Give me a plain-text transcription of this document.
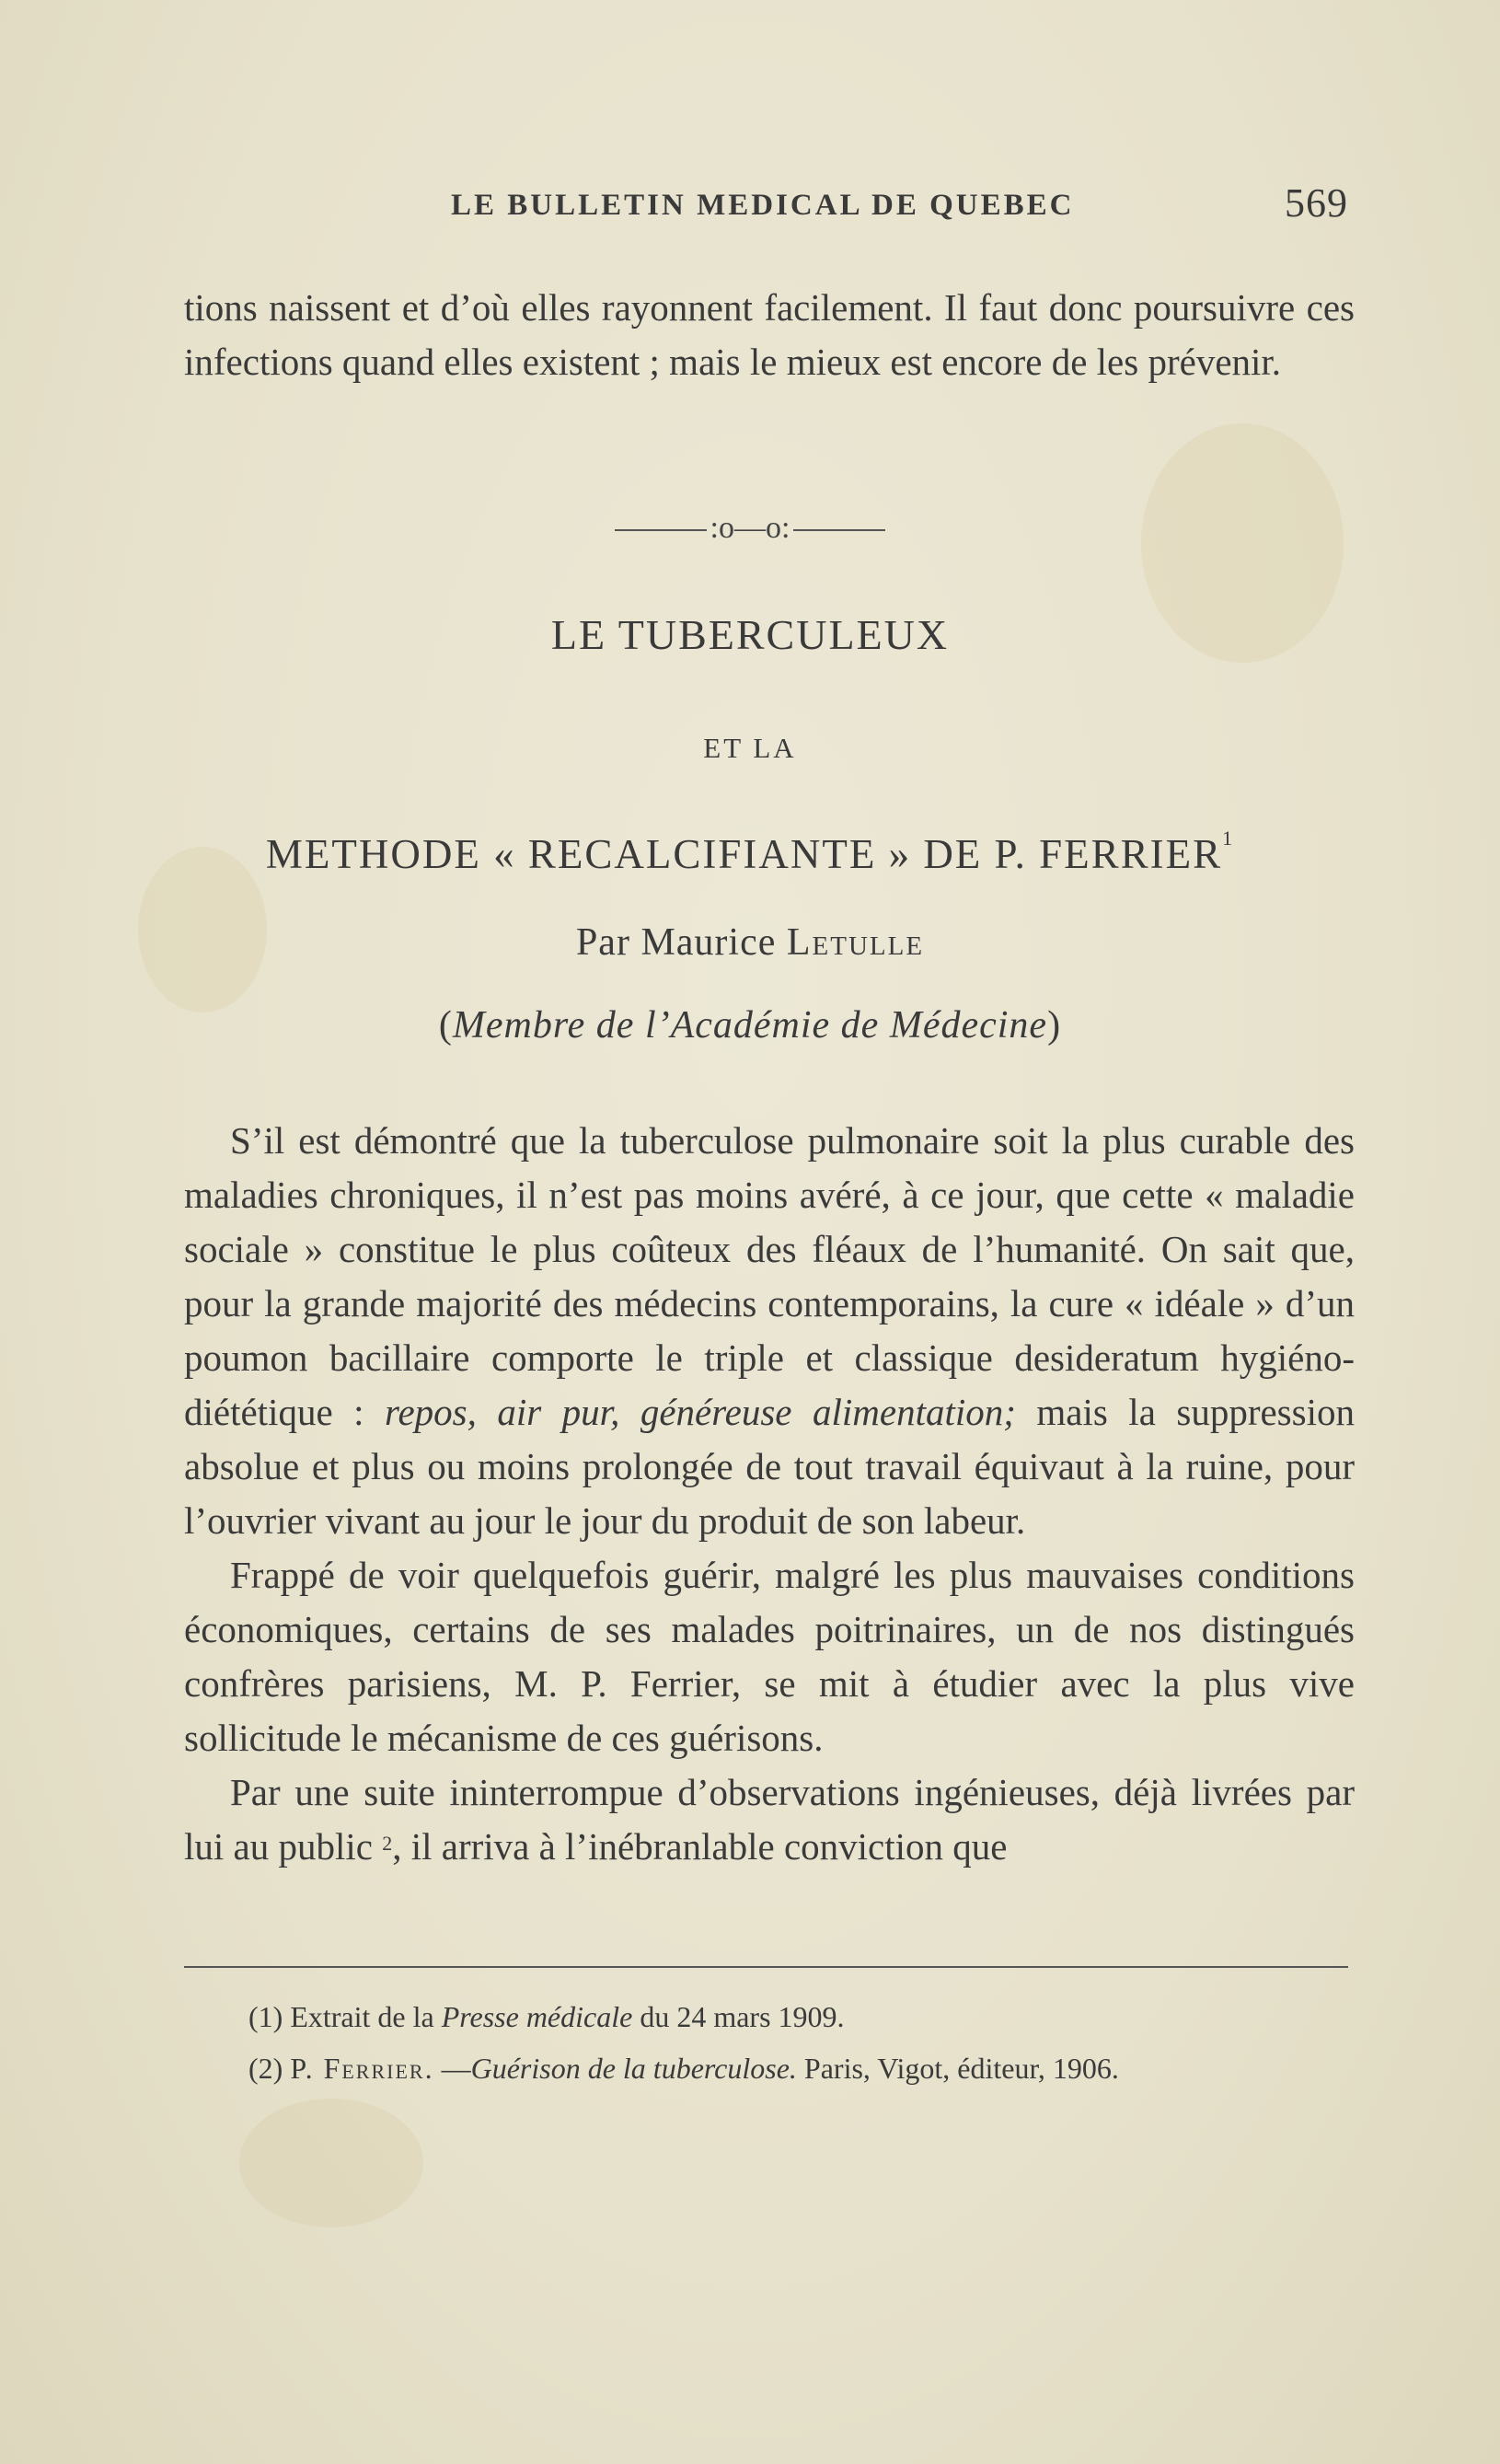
LE BULLETIN MEDICAL DE QUEBEC	569

tions naissent et d’où elles rayonnent facilement. Il faut donc poursuivre ces infections quand elles existent ; mais le mieux est encore de les prévenir.

:o—o:
LE TUBERCULEUX
ET LA
METHODE « RECALCIFIANTE » DE P. FERRIER$^1$
Par Maurice Letulle
(Membre de l’Académie de Médecine)

S’il est démontré que la tuberculose pulmonaire soit la plus curable des maladies chroniques, il n’est pas moins avéré, à ce jour, que cette « maladie sociale » constitue le plus coûteux des fléaux de l’humanité. On sait que, pour la grande majorité des médecins contemporains, la cure « idéale » d’un poumon bacillaire comporte le triple et classique desideratum hygiéno-diététique : repos, air pur, généreuse alimentation; mais la suppression absolue et plus ou moins prolongée de tout travail équivaut à la ruine, pour l’ouvrier vivant au jour le jour du produit de son labeur.

Frappé de voir quelquefois guérir, malgré les plus mauvaises conditions économiques, certains de ses malades poitrinaires, un de nos distingués confrères parisiens, M. P. Ferrier, se mit à étudier avec la plus vive sollicitude le mécanisme de ces guérisons.

Par une suite ininterrompue d’observations ingénieuses, déjà livrées par lui au public $^2$, il arriva à l’inébranlable conviction que

(1) Extrait de la Presse médicale du 24 mars 1909.
(2) P. Ferrier. —Guérison de la tuberculose. Paris, Vigot, éditeur, 1906.
